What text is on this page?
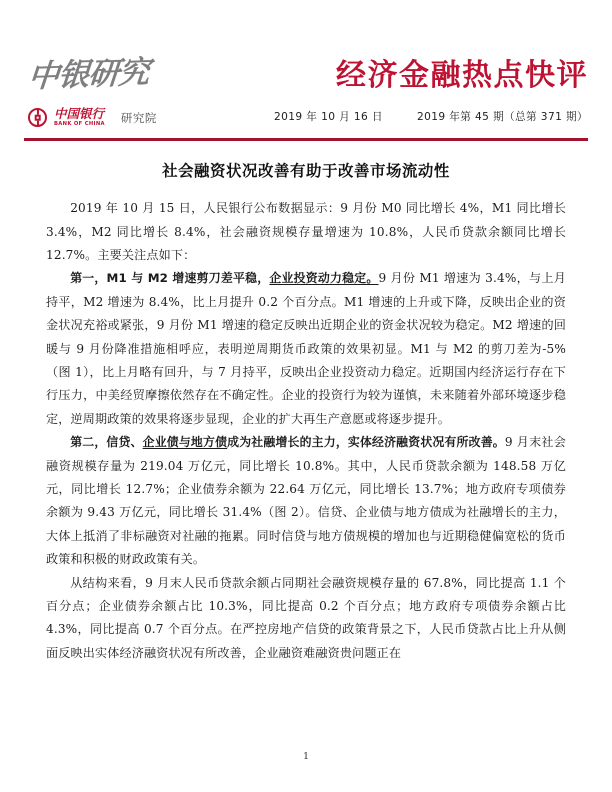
中银研究	经济金融热点快评
中国银行
BANK OF CHINA 研究院	2019 年 10 月 16 日	2019 年第 45 期（总第 371 期）
社会融资状况改善有助于改善市场流动性

2019 年 10 月 15 日，人民银行公布数据显示：9 月份 M0 同比增长 4%，M1 同比增长 3.4%，M2 同比增长 8.4%，社会融资规模存量增速为 10.8%，人民币贷款余额同比增长 12.7%。主要关注点如下：

第一，M1 与 M2 增速剪刀差平稳，企业投资动力稳定。9 月份 M1 增速为 3.4%，与上月持平，M2 增速为 8.4%，比上月提升 0.2 个百分点。M1 增速的上升或下降，反映出企业的资金状况充裕或紧张，9 月份 M1 增速的稳定反映出近期企业的资金状况较为稳定。M2 增速的回暖与 9 月份降准措施相呼应，表明逆周期货币政策的效果初显。M1 与 M2 的剪刀差为-5%（图 1），比上月略有回升，与 7 月持平，反映出企业投资动力稳定。近期国内经济运行存在下行压力，中美经贸摩擦依然存在不确定性。企业的投资行为较为谨慎，未来随着外部环境逐步稳定，逆周期政策的效果将逐步显现，企业的扩大再生产意愿或将逐步提升。

第二，信贷、企业债与地方债成为社融增长的主力，实体经济融资状况有所改善。9 月末社会融资规模存量为 219.04 万亿元，同比增长 10.8%。其中，人民币贷款余额为 148.58 万亿元，同比增长 12.7%；企业债券余额为 22.64 万亿元，同比增长 13.7%；地方政府专项债券余额为 9.43 万亿元，同比增长 31.4%（图 2）。信贷、企业债与地方债成为社融增长的主力，大体上抵消了非标融资对社融的拖累。同时信贷与地方债规模的增加也与近期稳健偏宽松的货币政策和积极的财政政策有关。

从结构来看，9 月末人民币贷款余额占同期社会融资规模存量的 67.8%，同比提高 1.1 个百分点；企业债券余额占比 10.3%，同比提高 0.2 个百分点；地方政府专项债券余额占比 4.3%，同比提高 0.7 个百分点。在严控房地产信贷的政策背景之下，人民币贷款占比上升从侧面反映出实体经济融资状况有所改善，企业融资难融资贵问题正在

1
